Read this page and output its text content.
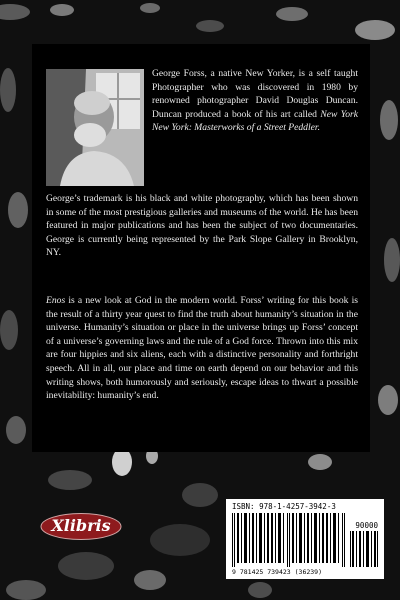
George Forss, a native New Yorker, is a self taught Photographer who was discovered in 1980 by renowned photographer David Douglas Duncan. Duncan produced a book of his art called New York New York: Masterworks of a Street Peddler.

George’s trademark is his black and white photography, which has been shown in some of the most prestigious galleries and museums of the world. He has been featured in major publications and has been the subject of two documentaries. George is currently being represented by the Park Slope Gallery in Brooklyn, NY.

Enos is a new look at God in the modern world. Forss’ writing for this book is the result of a thirty year quest to find the truth about humanity’s situation in the universe. Humanity’s situation or place in the universe brings up Forss’ concept of a universe’s governing laws and the rule of a God force. Thrown into this mix are four hippies and six aliens, each with a distinctive personality and forthright speech. All in all, our place and time on earth depend on our behavior and this writing shows, both humorously and seriously, escape ideas to thwart a possible inevitability: humanity’s end.

Xlibris
ISBN: 978-1-4257-3942-3
90000
9 781425 739423 (36239)
